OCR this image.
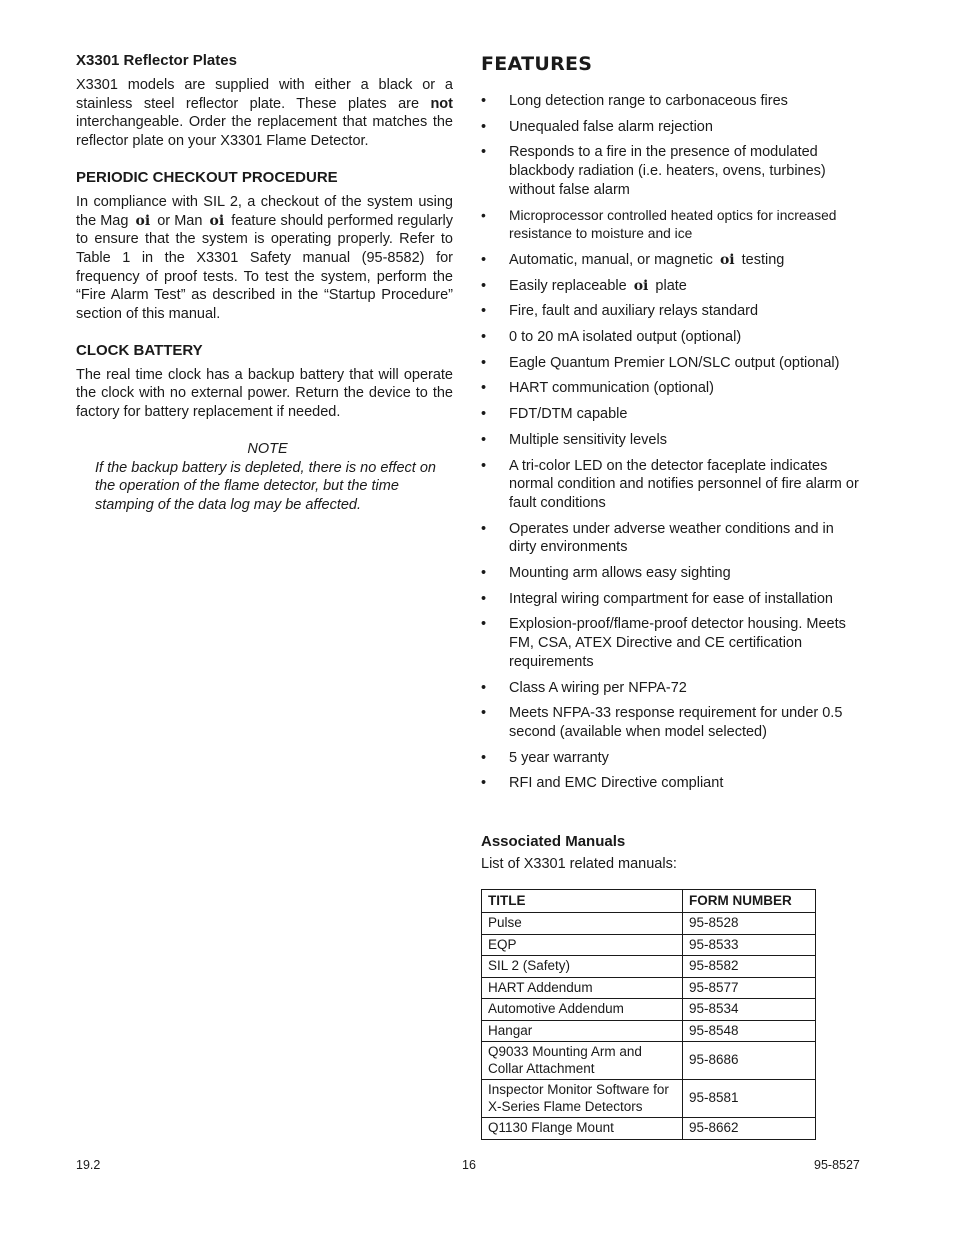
X3301 Reflector Plates

X3301 models are supplied with either a black or a stainless steel reflector plate. These plates are not interchangeable. Order the replacement that matches the reflector plate on your X3301 Flame Detector.

PERIODIC CHECKOUT PROCEDURE

In compliance with SIL 2, a checkout of the system using the Mag oi or Man oi feature should performed regularly to ensure that the system is operating properly. Refer to Table 1 in the X3301 Safety manual (95-8582) for frequency of proof tests. To test the system, perform the “Fire Alarm Test” as described in the “Startup Procedure” section of this manual.

CLOCK BATTERY

The real time clock has a backup battery that will operate the clock with no external power. Return the device to the factory for battery replacement if needed.

NOTE
If the backup battery is depleted, there is no effect on the operation of the flame detector, but the time stamping of the data log may be affected.
FEATURES
• Long detection range to carbonaceous fires
• Unequaled false alarm rejection
• Responds to a fire in the presence of modulated blackbody radiation (i.e. heaters, ovens, turbines) without false alarm
• Microprocessor controlled heated optics for increased resistance to moisture and ice
• Automatic, manual, or magnetic oi testing
• Easily replaceable oi plate
• Fire, fault and auxiliary relays standard
• 0 to 20 mA isolated output (optional)
• Eagle Quantum Premier LON/SLC output (optional)
• HART communication (optional)
• FDT/DTM capable
• Multiple sensitivity levels
• A tri-color LED on the detector faceplate indicates normal condition and notifies personnel of fire alarm or fault conditions
• Operates under adverse weather conditions and in dirty environments
• Mounting arm allows easy sighting
• Integral wiring compartment for ease of installation
• Explosion-proof/flame-proof detector housing. Meets FM, CSA, ATEX Directive and CE certification requirements
• Class A wiring per NFPA-72
• Meets NFPA-33 response requirement for under 0.5 second (available when model selected)
• 5 year warranty
• RFI and EMC Directive compliant
Associated Manuals

List of X3301 related manuals:

TITLE	FORM NUMBER
Pulse	95-8528
EQP	95-8533
SIL 2 (Safety)	95-8582
HART Addendum	95-8577
Automotive Addendum	95-8534
Hangar	95-8548
Q9033 Mounting Arm and Collar Attachment	95-8686
Inspector Monitor Software for X-Series Flame Detectors	95-8581
Q1130 Flange Mount	95-8662
19.2	16	95-8527
